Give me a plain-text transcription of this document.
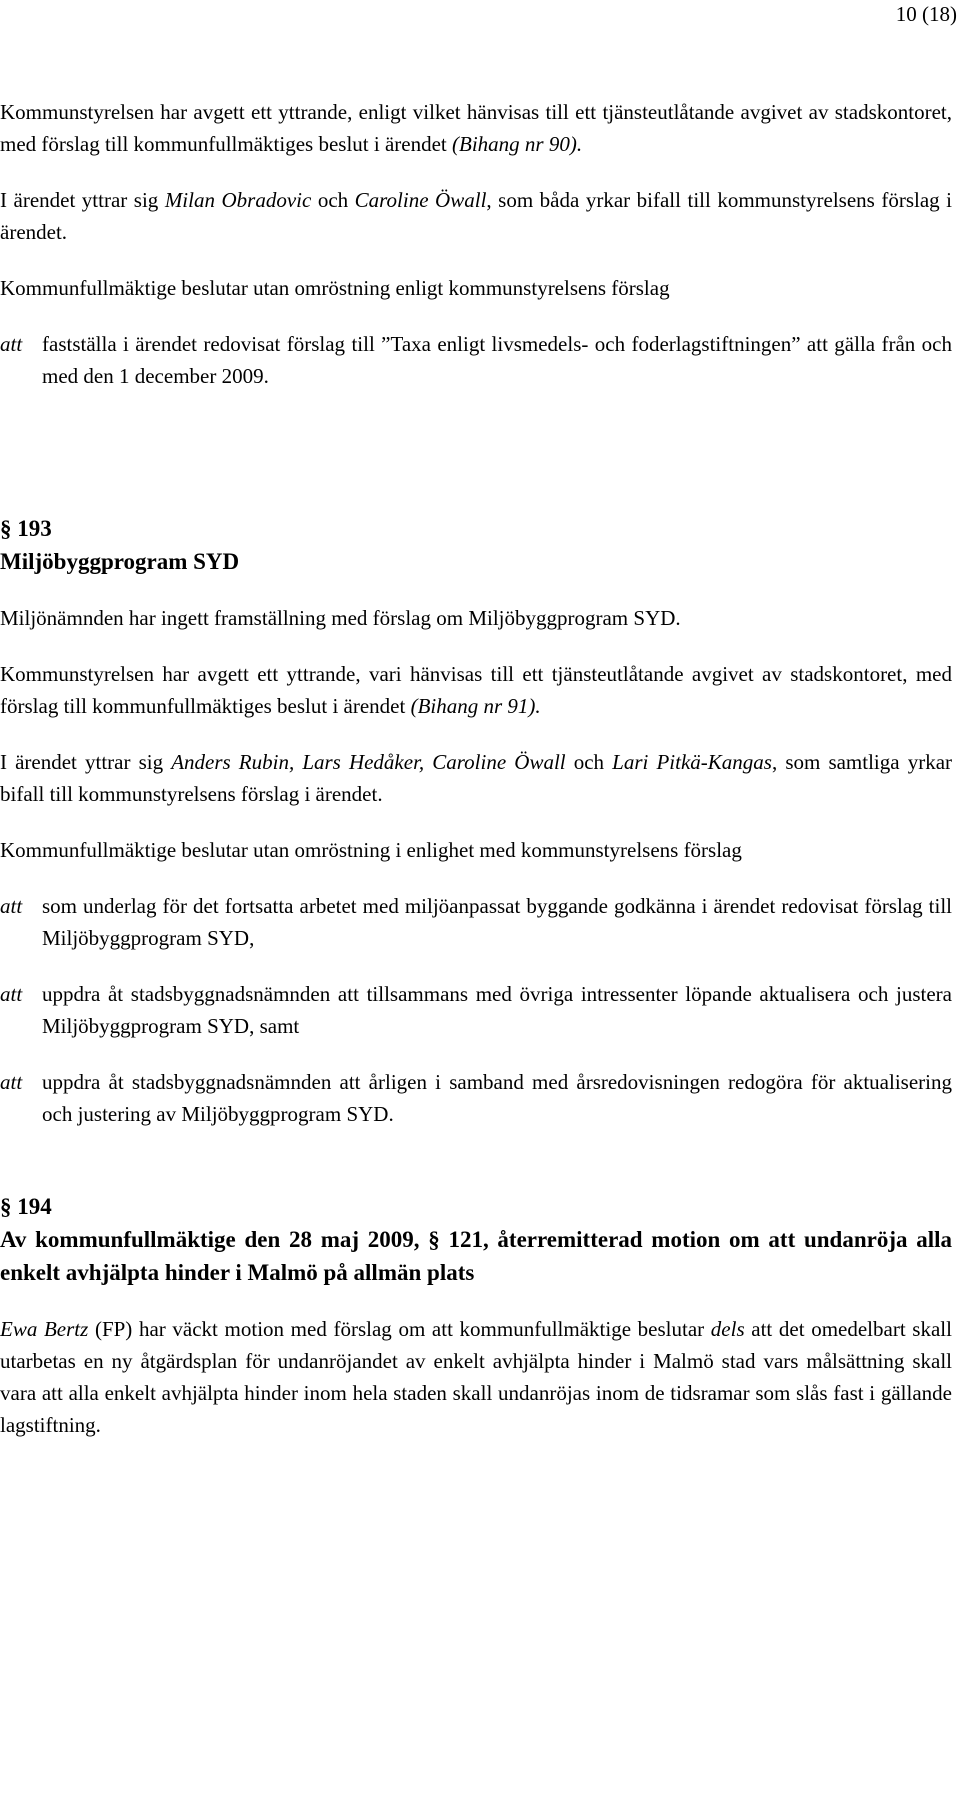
10 (18)

Kommunstyrelsen har avgett ett yttrande, enligt vilket hänvisas till ett tjänsteutlåtande avgivet av stadskontoret, med förslag till kommunfullmäktiges beslut i ärendet (Bihang nr 90).

I ärendet yttrar sig Milan Obradovic och Caroline Öwall, som båda yrkar bifall till kommunstyrelsens förslag i ärendet.

Kommunfullmäktige beslutar utan omröstning enligt kommunstyrelsens förslag

att fastställa i ärendet redovisat förslag till ”Taxa enligt livsmedels- och foderlagstiftningen” att gälla från och med den 1 december 2009.

§ 193

Miljöbyggprogram SYD

Miljönämnden har ingett framställning med förslag om Miljöbyggprogram SYD.

Kommunstyrelsen har avgett ett yttrande, vari hänvisas till ett tjänsteutlåtande avgivet av stadskontoret, med förslag till kommunfullmäktiges beslut i ärendet (Bihang nr 91).

I ärendet yttrar sig Anders Rubin, Lars Hedåker, Caroline Öwall och Lari Pitkä-Kangas, som samtliga yrkar bifall till kommunstyrelsens förslag i ärendet.

Kommunfullmäktige beslutar utan omröstning i enlighet med kommunstyrelsens förslag

att som underlag för det fortsatta arbetet med miljöanpassat byggande godkänna i ärendet redovisat förslag till Miljöbyggprogram SYD,
att uppdra åt stadsbyggnadsnämnden att tillsammans med övriga intressenter löpande aktualisera och justera Miljöbyggprogram SYD, samt
att uppdra åt stadsbyggnadsnämnden att årligen i samband med årsredovisningen redogöra för aktualisering och justering av Miljöbyggprogram SYD.

§ 194

Av kommunfullmäktige den 28 maj 2009, § 121, återremitterad motion om att undanröja alla enkelt avhjälpta hinder i Malmö på allmän plats

Ewa Bertz (FP) har väckt motion med förslag om att kommunfullmäktige beslutar dels att det omedelbart skall utarbetas en ny åtgärdsplan för undanröjandet av enkelt avhjälpta hinder i Malmö stad vars målsättning skall vara att alla enkelt avhjälpta hinder inom hela staden skall undanröjas inom de tidsramar som slås fast i gällande lagstiftning.
